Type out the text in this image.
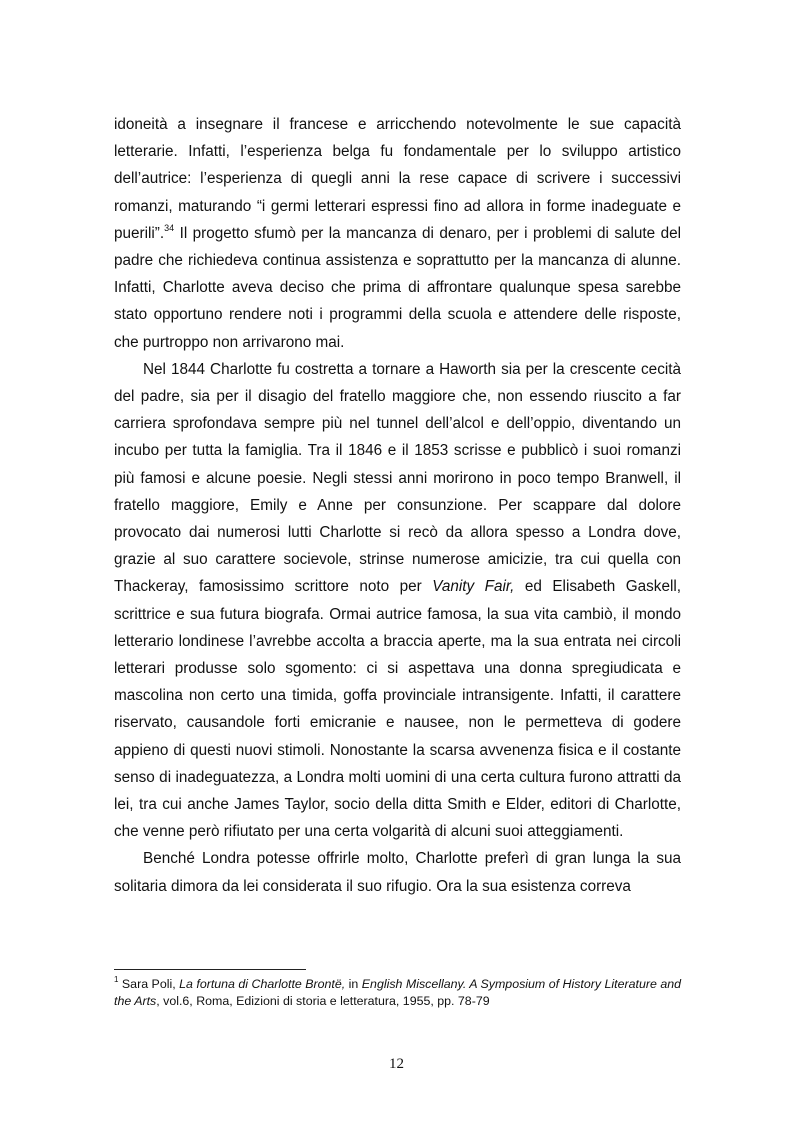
idoneità a insegnare il francese e arricchendo notevolmente le sue capacità letterarie. Infatti, l’esperienza belga fu fondamentale per lo sviluppo artistico dell’autrice: l’esperienza di quegli anni la rese capace di scrivere i successivi romanzi, maturando “i germi letterari espressi fino ad allora in forme inadeguate e puerili”.$^{34}$ Il progetto sfumò per la mancanza di denaro, per i problemi di salute del padre che richiedeva continua assistenza e soprattutto per la mancanza di alunne. Infatti, Charlotte aveva deciso che prima di affrontare qualunque spesa sarebbe stato opportuno rendere noti i programmi della scuola e attendere delle risposte, che purtroppo non arrivarono mai.

Nel 1844 Charlotte fu costretta a tornare a Haworth sia per la crescente cecità del padre, sia per il disagio del fratello maggiore che, non essendo riuscito a far carriera sprofondava sempre più nel tunnel dell’alcol e dell’oppio, diventando un incubo per tutta la famiglia. Tra il 1846 e il 1853 scrisse e pubblicò i suoi romanzi più famosi e alcune poesie. Negli stessi anni morirono in poco tempo Branwell, il fratello maggiore, Emily e Anne per consunzione. Per scappare dal dolore provocato dai numerosi lutti Charlotte si recò da allora spesso a Londra dove, grazie al suo carattere socievole, strinse numerose amicizie, tra cui quella con Thackeray, famosissimo scrittore noto per Vanity Fair, ed Elisabeth Gaskell, scrittrice e sua futura biografa. Ormai autrice famosa, la sua vita cambiò, il mondo letterario londinese l’avrebbe accolta a braccia aperte, ma la sua entrata nei circoli letterari produsse solo sgomento: ci si aspettava una donna spregiudicata e mascolina non certo una timida, goffa provinciale intransigente. Infatti, il carattere riservato, causandole forti emicranie e nausee, non le permetteva di godere appieno di questi nuovi stimoli. Nonostante la scarsa avvenenza fisica e il costante senso di inadeguatezza, a Londra molti uomini di una certa cultura furono attratti da lei, tra cui anche James Taylor, socio della ditta Smith e Elder, editori di Charlotte, che venne però rifiutato per una certa volgarità di alcuni suoi atteggiamenti.

Benché Londra potesse offrirle molto, Charlotte preferì di gran lunga la sua solitaria dimora da lei considerata il suo rifugio. Ora la sua esistenza correva

$^1$ Sara Poli, La fortuna di Charlotte Brontë, in English Miscellany. A Symposium of History Literature and the Arts, vol.6, Roma, Edizioni di storia e letteratura, 1955, pp. 78-79
12
